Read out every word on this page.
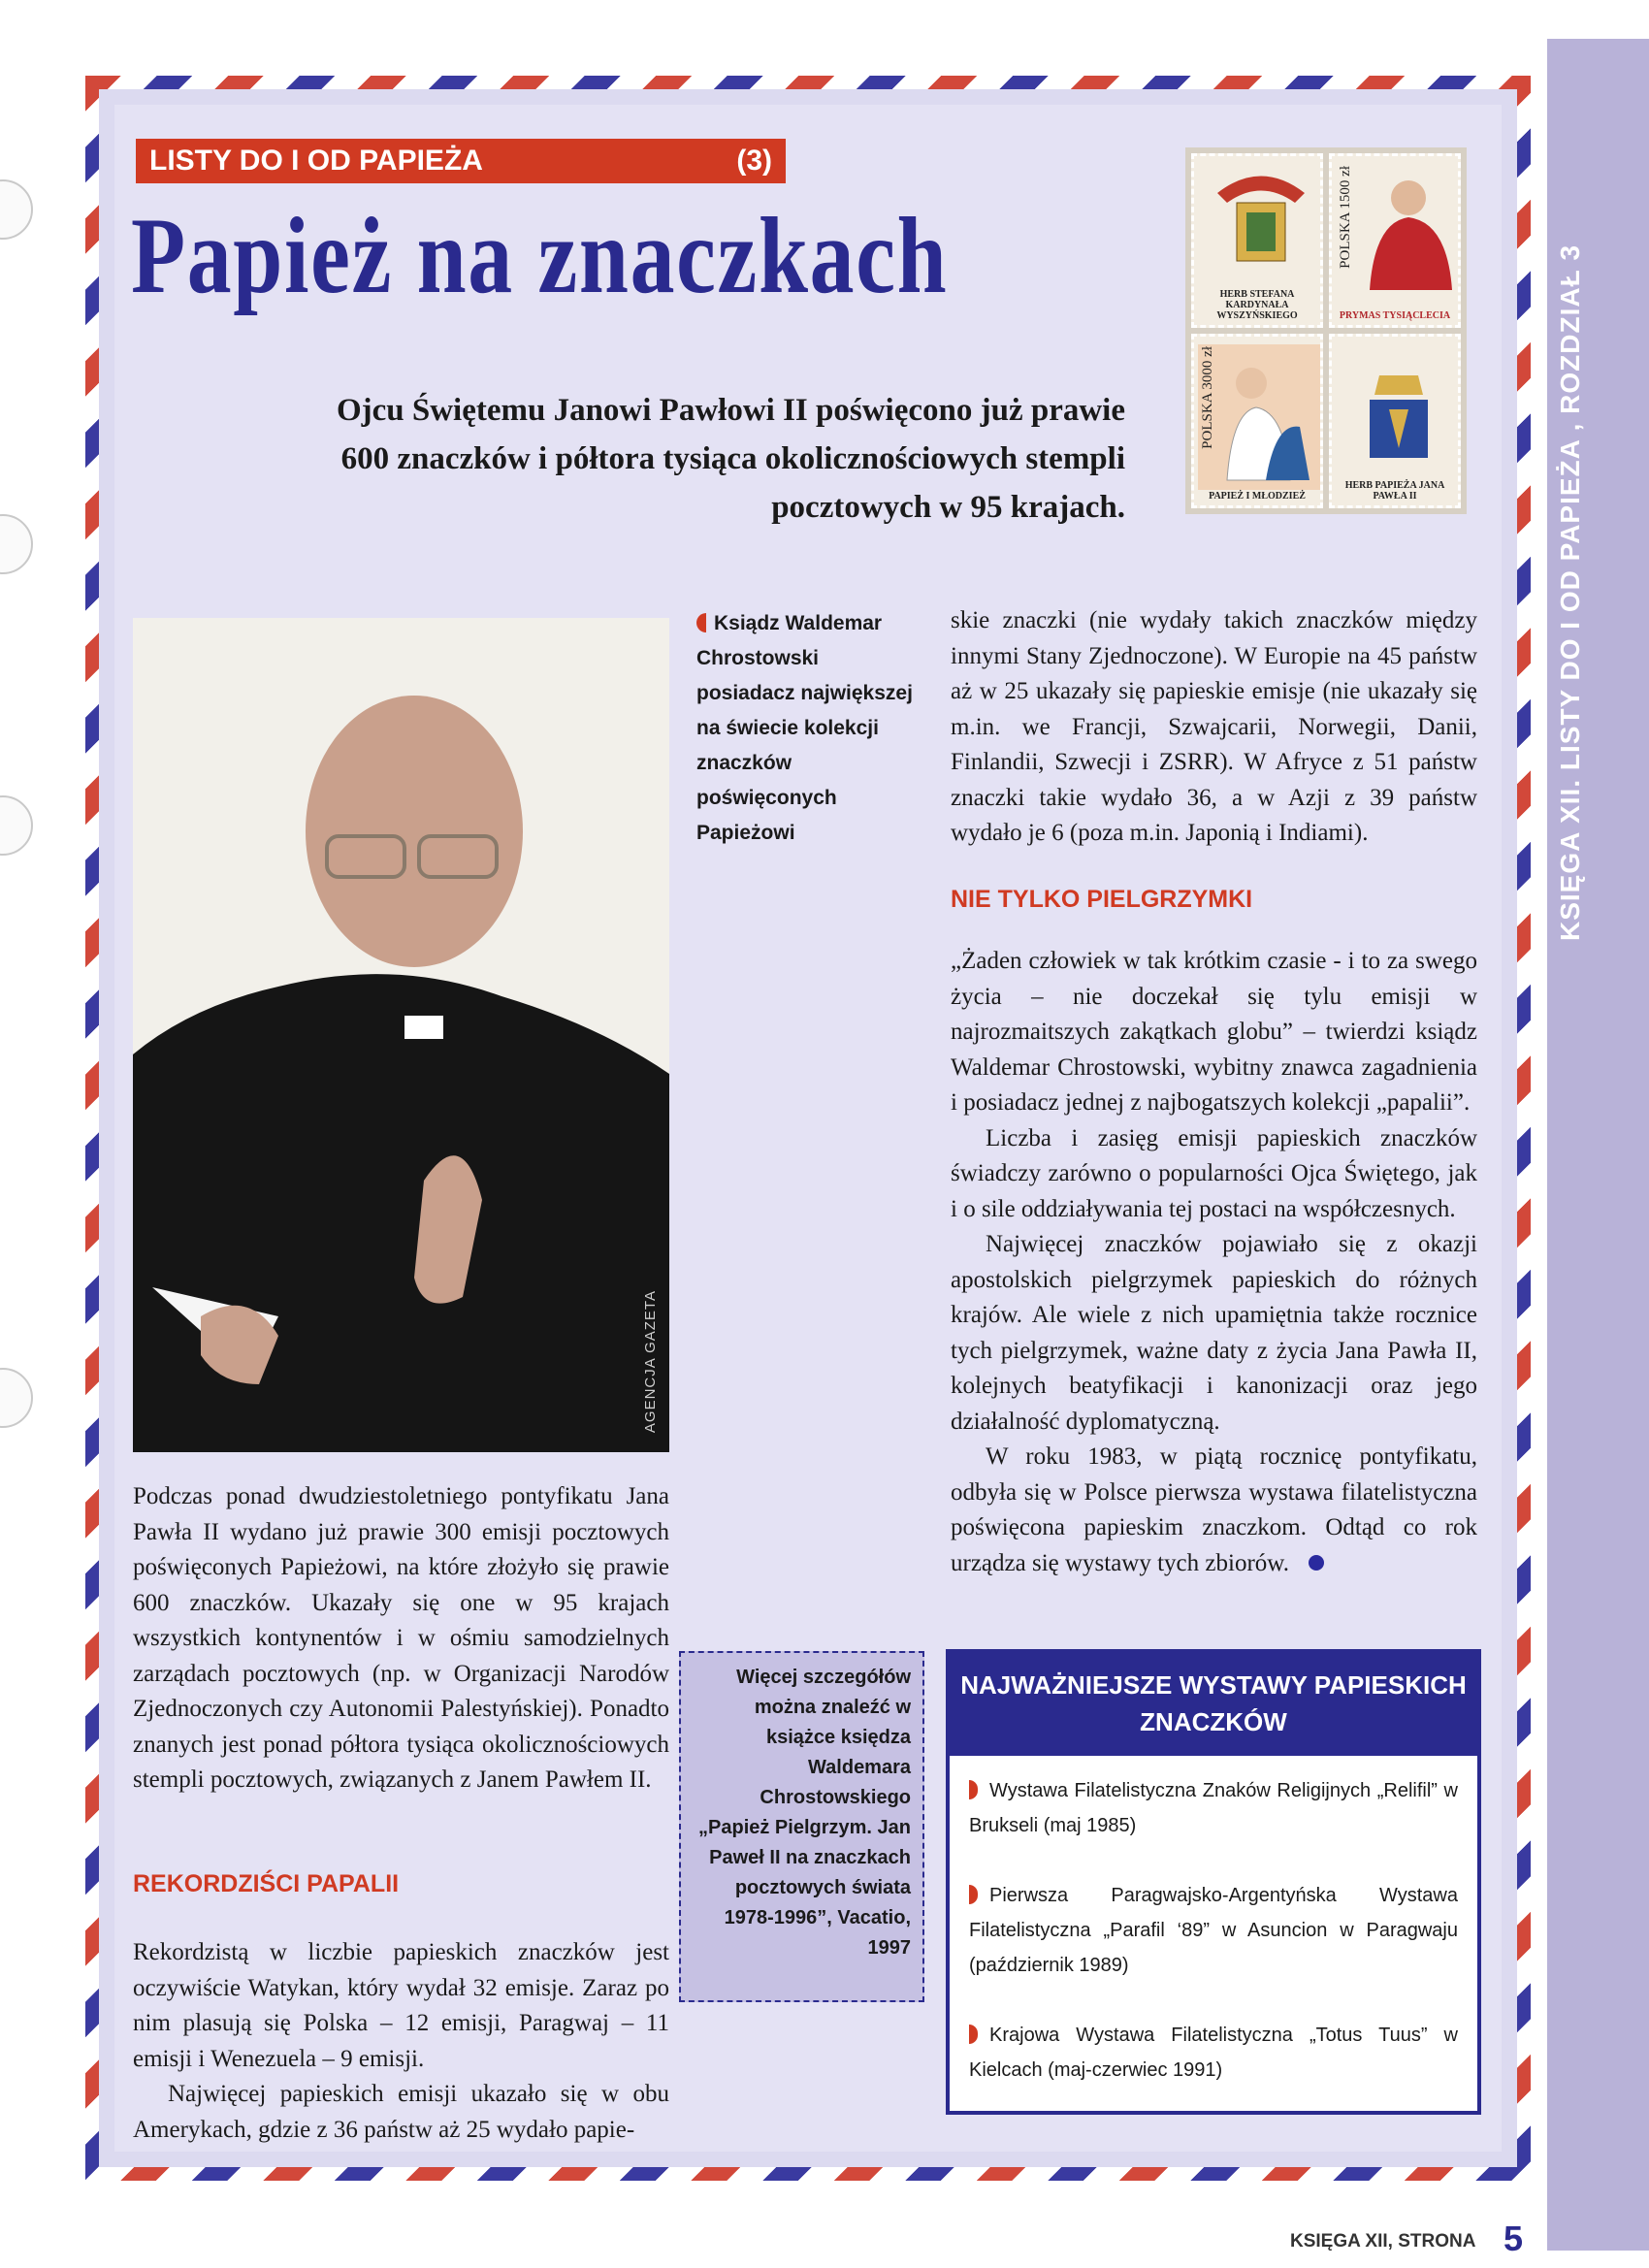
KSIĘGA XII. LISTY DO I OD PAPIEŻA , ROZDZIAŁ 3
LISTY DO I OD PAPIEŻA	(3)
Papież na znaczkach
Ojcu Świętemu Janowi Pawłowi II poświęcono już prawie 600 znaczków i półtora tysiąca okolicznościowych stempli pocztowych w 95 krajach.
HERB STEFANA KARDYNAŁA WYSZYŃSKIEGO
POLSKA 1500 zł
PRYMAS TYSIĄCLECIA
POLSKA 3000 zł
PAPIEŻ I MŁODZIEŻ
HERB PAPIEŻA JANA PAWŁA II
AGENCJA GAZETA
Ksiądz Waldemar Chrostowski posiadacz największej na świecie kolekcji znaczków poświęconych Papieżowi

Podczas ponad dwudziestoletniego pontyfikatu Jana Pawła II wydano już prawie 300 emisji pocztowych poświęconych Papieżowi, na które złożyło się prawie 600 znaczków. Ukazały się one w 95 krajach wszystkich kontynentów i w ośmiu samodzielnych zarządach pocztowych (np. w Organizacji Narodów Zjednoczonych czy Autonomii Palestyńskiej). Ponadto znanych jest ponad półtora tysiąca okolicznościowych stempli pocztowych, związanych z Janem Pawłem II.

REKORDZIŚCI PAPALII

Rekordzistą w liczbie papieskich znaczków jest oczywiście Watykan, który wydał 32 emisje. Zaraz po nim plasują się Polska – 12 emisji, Paragwaj – 11 emisji i Wenezuela – 9 emisji.

Najwięcej papieskich emisji ukazało się w obu Amerykach, gdzie z 36 państw aż 25 wydało papie-

Więcej szczegółów można znaleźć w książce księdza Waldemara Chrostowskiego „Papież Pielgrzym. Jan Paweł II na znaczkach pocztowych świata 1978-1996”, Vacatio, 1997

skie znaczki (nie wydały takich znaczków między innymi Stany Zjednoczone). W Europie na 45 państw aż w 25 ukazały się papieskie emisje (nie ukazały się m.in. we Francji, Szwajcarii, Norwegii, Danii, Finlandii, Szwecji i ZSRR). W Afryce z 51 państw znaczki takie wydało 36, a w Azji z 39 państw wydało je 6 (poza m.in. Japonią i Indiami).

NIE TYLKO PIELGRZYMKI

„Żaden człowiek w tak krótkim czasie - i to za swego życia – nie doczekał się tylu emisji w najrozmaitszych zakątkach globu” – twierdzi ksiądz Waldemar Chrostowski, wybitny znawca zagadnienia i posiadacz jednej z najbogatszych kolekcji „papalii”.

Liczba i zasięg emisji papieskich znaczków świadczy zarówno o popularności Ojca Świętego, jak i o sile oddziaływania tej postaci na współczesnych.

Najwięcej znaczków pojawiało się z okazji apostolskich pielgrzymek papieskich do różnych krajów. Ale wiele z nich upamiętnia także rocznice tych pielgrzymek, ważne daty z życia Jana Pawła II, kolejnych beatyfikacji i kanonizacji oraz jego działalność dyplomatyczną.

W roku 1983, w piątą rocznicę pontyfikatu, odbyła się w Polsce pierwsza wystawa filatelistyczna poświęcona papieskim znaczkom. Odtąd co rok urządza się wystawy tych zbiorów.

NAJWAŻNIEJSZE WYSTAWY PAPIESKICH ZNACZKÓW
Wystawa Filatelistyczna Znaków Religijnych „Relifil” w Brukseli (maj 1985)
Pierwsza Paragwajsko-Argentyńska Wystawa Filatelistyczna „Parafil ‘89” w Asuncion w Paragwaju (październik 1989)
Krajowa Wystawa Filatelistyczna „Totus Tuus” w Kielcach (maj-czerwiec 1991)
KSIĘGA XII, STRONA 5
